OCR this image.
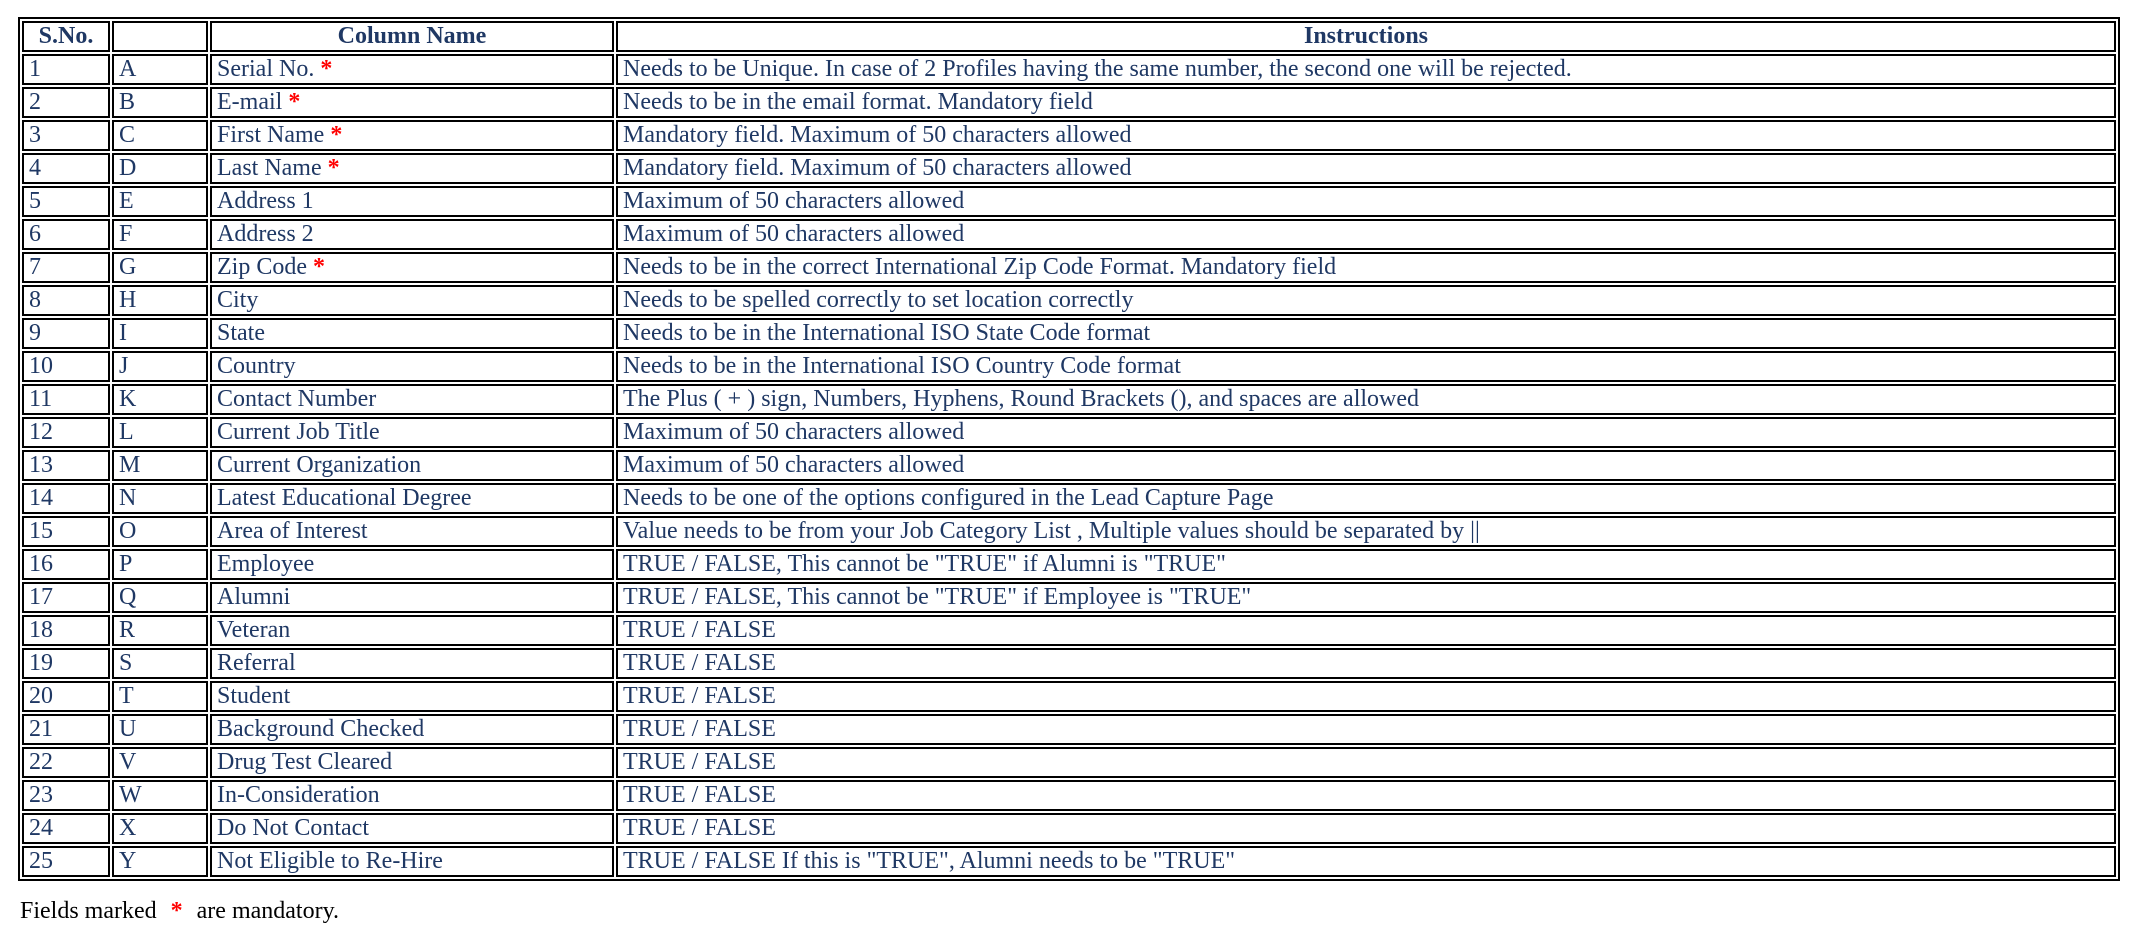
S.No.		Column Name	Instructions
1	A	Serial No. *	Needs to be Unique. In case of 2 Profiles having the same number, the second one will be rejected.
2	B	E-mail *	Needs to be in the email format. Mandatory field
3	C	First Name *	Mandatory field. Maximum of 50 characters allowed
4	D	Last Name *	Mandatory field. Maximum of 50 characters allowed
5	E	Address 1	Maximum of 50 characters allowed
6	F	Address 2	Maximum of 50 characters allowed
7	G	Zip Code *	Needs to be in the correct International Zip Code Format. Mandatory field
8	H	City	Needs to be spelled correctly to set location correctly
9	I	State	Needs to be in the International ISO State Code format
10	J	Country	Needs to be in the International ISO Country Code format
11	K	Contact Number	The Plus ( + ) sign, Numbers, Hyphens, Round Brackets (), and spaces are allowed
12	L	Current Job Title	Maximum of 50 characters allowed
13	M	Current Organization	Maximum of 50 characters allowed
14	N	Latest Educational Degree	Needs to be one of the options configured in the Lead Capture Page
15	O	Area of Interest	Value needs to be from your Job Category List , Multiple values should be separated by ||
16	P	Employee	TRUE / FALSE, This cannot be "TRUE" if Alumni is "TRUE"
17	Q	Alumni	TRUE / FALSE, This cannot be "TRUE" if Employee is "TRUE"
18	R	Veteran	TRUE / FALSE
19	S	Referral	TRUE / FALSE
20	T	Student	TRUE / FALSE
21	U	Background Checked	TRUE / FALSE
22	V	Drug Test Cleared	TRUE / FALSE
23	W	In-Consideration	TRUE / FALSE
24	X	Do Not Contact	TRUE / FALSE
25	Y	Not Eligible to Re-Hire	TRUE / FALSE If this is "TRUE", Alumni needs to be "TRUE"
Fields marked * are mandatory.
